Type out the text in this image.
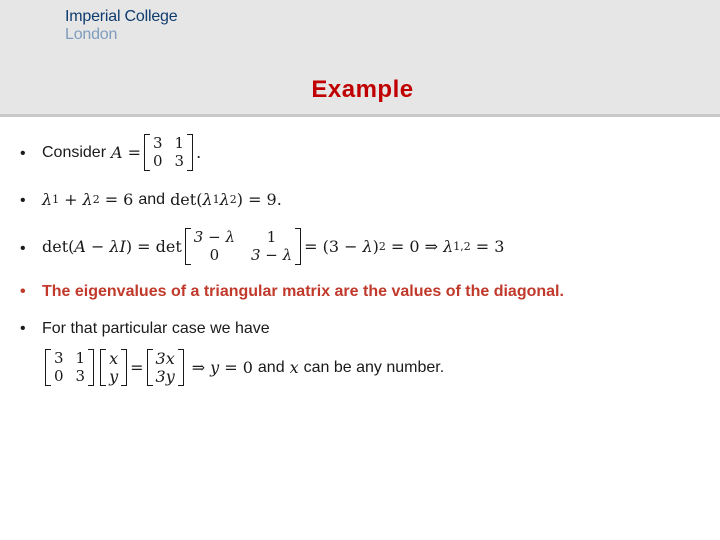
Imperial College
London
Example
• Consider A = 3 1
0 3 .
• λ 1 + λ 2 = 6 and det( λ 1 λ 2 ) = 9.
• det( A − λ I ) = det 3 − λ	1
0	3 − λ = (3 − λ ) 2 = 0 ⇒ λ 1,2 = 3
• The eigenvalues of a triangular matrix are the values of the diagonal.
• For that particular case we have
3 1
0 3
x
y = 3x
3y ⇒ y = 0 and x can be any number.
